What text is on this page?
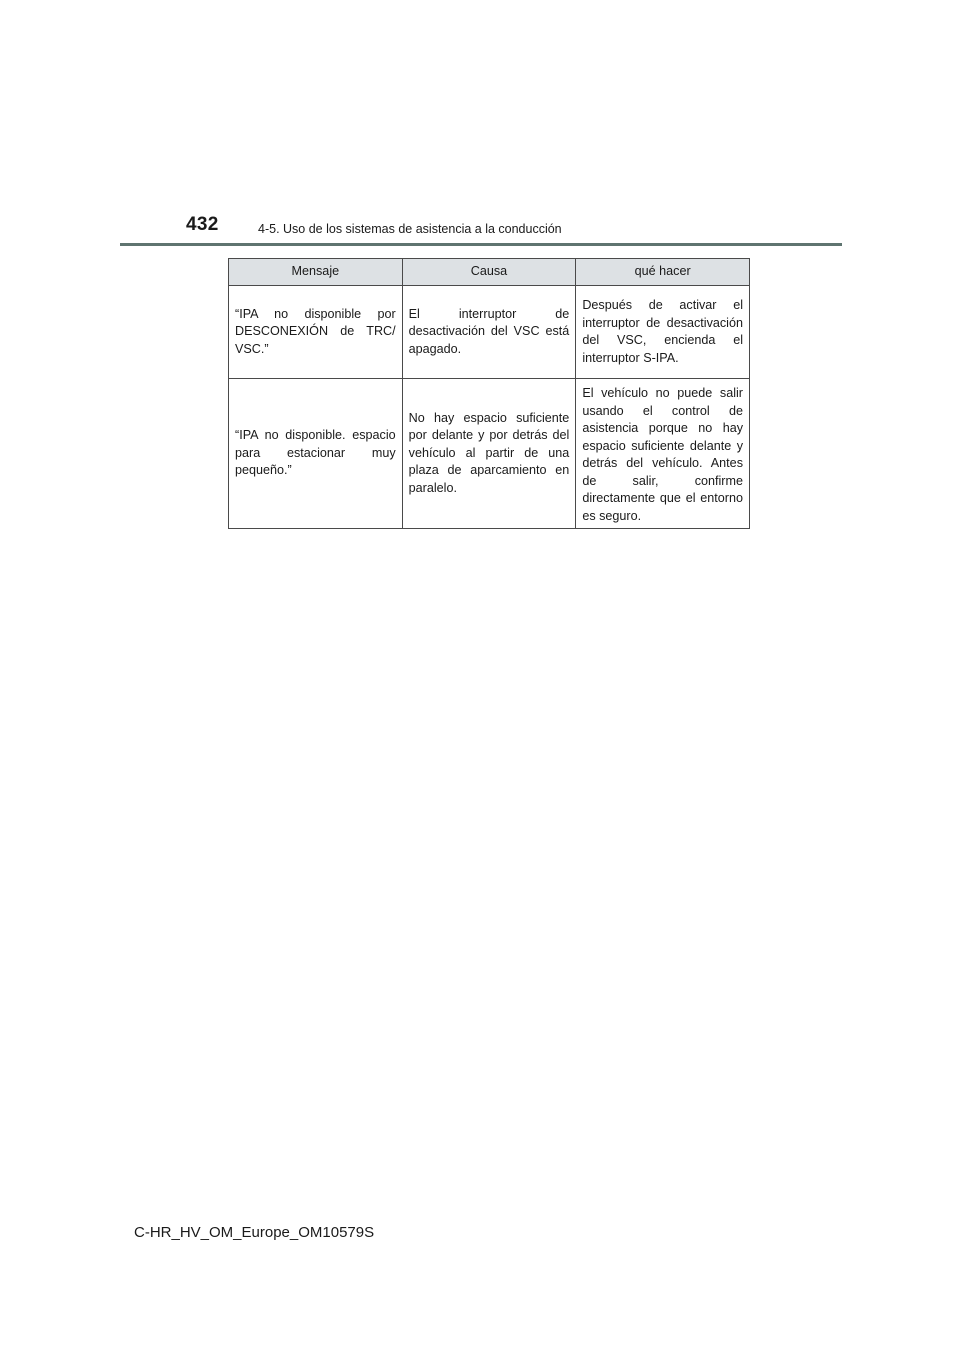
432	4-5. Uso de los sistemas de asistencia a la conducción
Mensaje	Causa	qué hacer
“IPA no disponible por DESCONEXIÓN de TRC/ VSC.”	El interruptor de desactivación del VSC está apagado.	Después de activar el interruptor de desactivación del VSC, encienda el interruptor S-IPA.
“IPA no disponible. espacio para estacionar muy pequeño.”	No hay espacio suficiente por delante y por detrás del vehículo al partir de una plaza de aparcamiento en paralelo.	El vehículo no puede salir usando el control de asistencia porque no hay espacio suficiente delante y detrás del vehículo. Antes de salir, confirme directamente que el entorno es seguro.
C-HR_HV_OM_Europe_OM10579S
